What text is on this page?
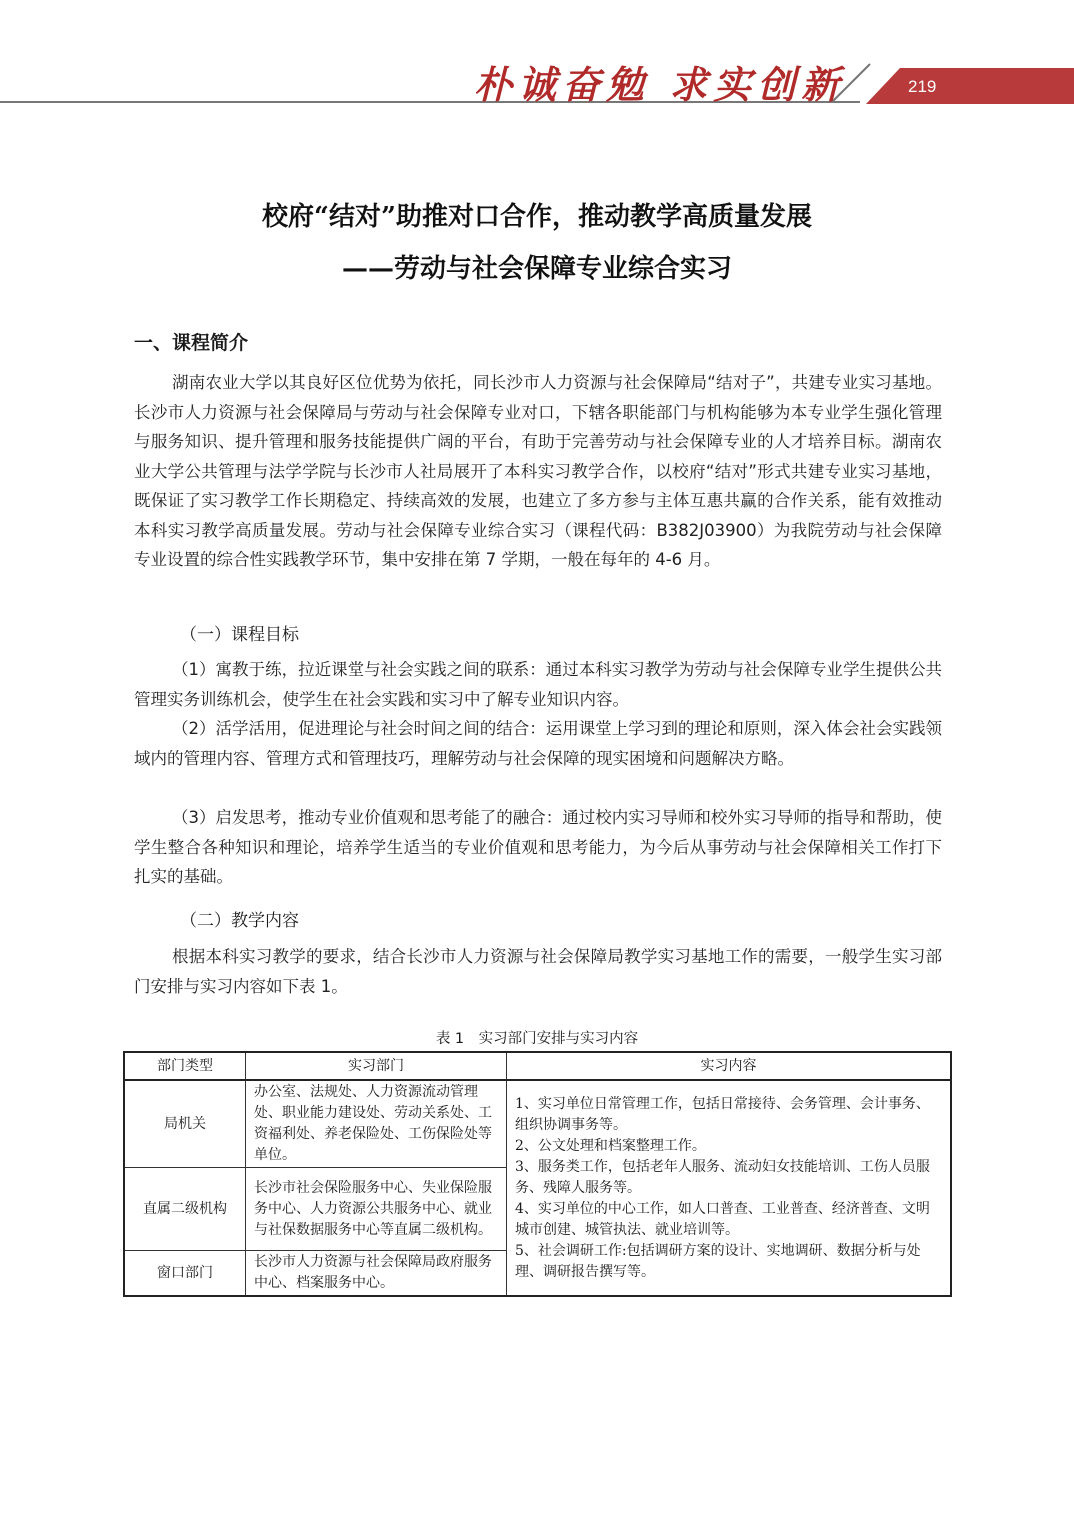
朴诚奋勉 求实创新	219
校府“结对”助推对口合作，推动教学高质量发展
——劳动与社会保障专业综合实习
一、课程简介
湖南农业大学以其良好区位优势为依托，同长沙市人力资源与社会保障局“结对子”，共建专业实习基地。长沙市人力资源与社会保障局与劳动与社会保障专业对口，下辖各职能部门与机构能够为本专业学生强化管理与服务知识、提升管理和服务技能提供广阔的平台，有助于完善劳动与社会保障专业的人才培养目标。湖南农业大学公共管理与法学学院与长沙市人社局展开了本科实习教学合作，以校府“结对”形式共建专业实习基地，既保证了实习教学工作长期稳定、持续高效的发展，也建立了多方参与主体互惠共赢的合作关系，能有效推动本科实习教学高质量发展。劳动与社会保障专业综合实习（课程代码：B382J03900）为我院劳动与社会保障专业设置的综合性实践教学环节，集中安排在第 7 学期，一般在每年的 4-6 月。
（一）课程目标
（1）寓教于练，拉近课堂与社会实践之间的联系：通过本科实习教学为劳动与社会保障专业学生提供公共管理实务训练机会，使学生在社会实践和实习中了解专业知识内容。
（2）活学活用，促进理论与社会时间之间的结合：运用课堂上学习到的理论和原则，深入体会社会实践领域内的管理内容、管理方式和管理技巧，理解劳动与社会保障的现实困境和问题解决方略。
（3）启发思考，推动专业价值观和思考能了的融合：通过校内实习导师和校外实习导师的指导和帮助，使学生整合各种知识和理论，培养学生适当的专业价值观和思考能力，为今后从事劳动与社会保障相关工作打下扎实的基础。
（二）教学内容
根据本科实习教学的要求，结合长沙市人力资源与社会保障局教学实习基地工作的需要，一般学生实习部门安排与实习内容如下表 1。
表 1　实习部门安排与实习内容
部门类型	实习部门	实习内容
局机关	办公室、法规处、人力资源流动管理处、职业能力建设处、劳动关系处、工资福利处、养老保险处、工伤保险处等单位。	1、实习单位日常管理工作，包括日常接待、会务管理、会计事务、组织协调事务等。
2、公文处理和档案整理工作。
3、服务类工作，包括老年人服务、流动妇女技能培训、工伤人员服务、残障人服务等。
4、实习单位的中心工作，如人口普查、工业普查、经济普查、文明城市创建、城管执法、就业培训等。
5、社会调研工作:包括调研方案的设计、实地调研、数据分析与处理、调研报告撰写等。

直属二级机构	长沙市社会保险服务中心、失业保险服务中心、人力资源公共服务中心、就业与社保数据服务中心等直属二级机构。	
窗口部门	长沙市人力资源与社会保障局政府服务中心、档案服务中心。	
